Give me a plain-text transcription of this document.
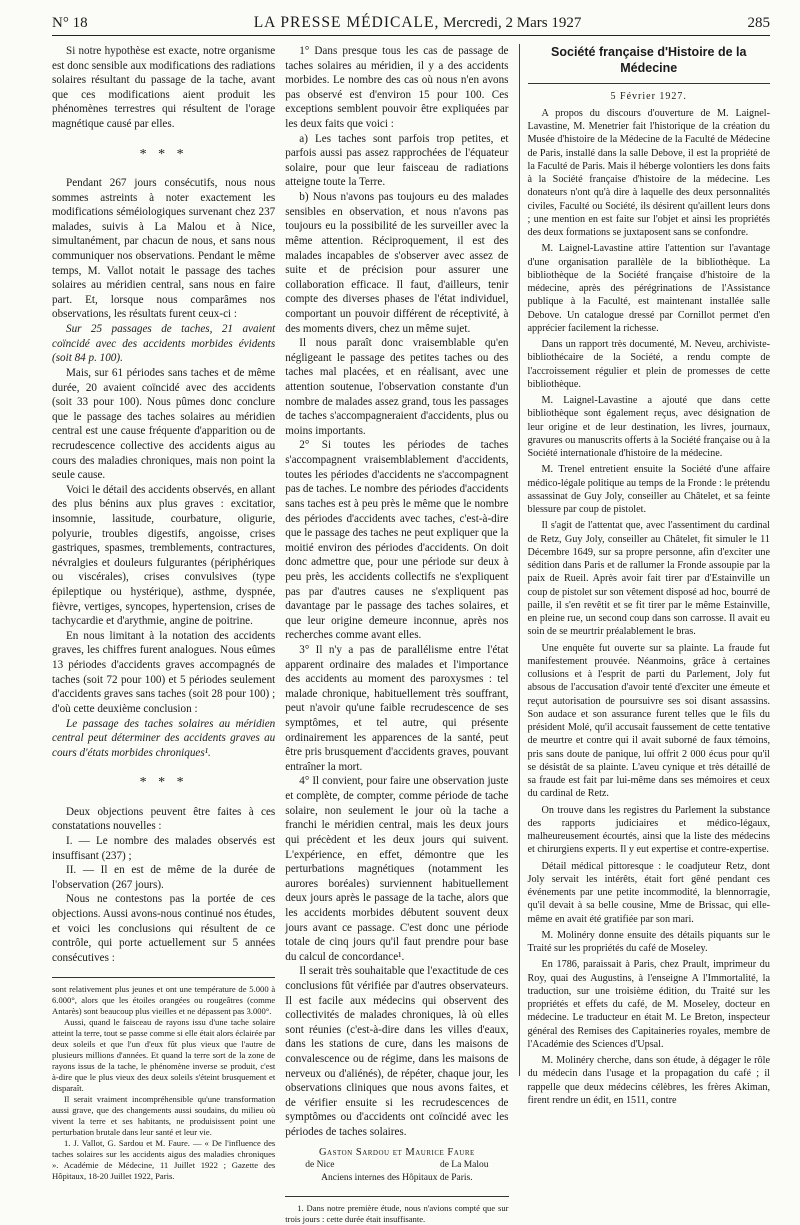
N° 18	LA PRESSE MÉDICALE, Mercredi, 2 Mars 1927	285

Si notre hypothèse est exacte, notre organisme est donc sensible aux modifications des radiations solaires résultant du passage de la tache, avant que ces modifications aient produit les phénomènes terrestres qui résultent de l'orage magnétique causé par elles.

* * *

Pendant 267 jours consécutifs, nous nous sommes astreints à noter exactement les modifications séméiologiques survenant chez 237 malades, suivis à La Malou et à Nice, simultanément, par chacun de nous, et sans nous communiquer nos observations. Pendant le même temps, M. Vallot notait le passage des taches solaires au méridien central, sans nous en faire part. Et, lorsque nous comparâmes nos observations, les résultats furent ceux-ci :

Sur 25 passages de taches, 21 avaient coïncidé avec des accidents morbides évidents (soit 84 p. 100).

Mais, sur 61 périodes sans taches et de même durée, 20 avaient coïncidé avec des accidents (soit 33 pour 100). Nous pûmes donc conclure que le passage des taches solaires au méridien central est une cause fréquente d'apparition ou de recrudescence collective des accidents aigus au cours des maladies chroniques, mais non point la seule cause.

Voici le détail des accidents observés, en allant des plus bénins aux plus graves : excitatior, insomnie, lassitude, courbature, oligurie, polyurie, troubles digestifs, angoisse, crises gastriques, spasmes, tremblements, contractures, névralgies et douleurs fulgurantes (périphériques ou viscérales), crises convulsives (type épileptique ou hystérique), asthme, dyspnée, fièvre, vertiges, syncopes, hypertension, crises de tachycardie et d'arythmie, angine de poitrine.

En nous limitant à la notation des accidents graves, les chiffres furent analogues. Nous eûmes 13 périodes d'accidents graves accompagnés de taches (soit 72 pour 100) et 5 périodes seulement d'accidents graves sans taches (soit 28 pour 100) ; d'où cette deuxième conclusion :

Le passage des taches solaires au méridien central peut déterminer des accidents graves au cours d'états morbides chroniques¹.

* * *

Deux objections peuvent être faites à ces constatations nouvelles :

I. — Le nombre des malades observés est insuffisant (237) ;

II. — Il en est de même de la durée de l'observation (267 jours).

Nous ne contestons pas la portée de ces objections. Aussi avons-nous continué nos études, et voici les conclusions qui résultent de ce contrôle, qui porte actuellement sur 5 années consécutives :

sont relativement plus jeunes et ont une température de 5.000 à 6.000°, alors que les étoiles orangées ou rougeâtres (comme Antarès) sont beaucoup plus vieilles et ne dépassent pas 3.000°.

Aussi, quand le faisceau de rayons issu d'une tache solaire atteint la terre, tout se passe comme si elle était alors éclairée par deux soleils et que l'un d'eux fût plus vieux que l'autre de plusieurs millions d'années. Et quand la terre sort de la zone de rayons issus de la tache, le phénomène inverse se produit, c'est à-dire que le plus vieux des deux soleils s'éteint brusquement et disparaît.

Il serait vraiment incompréhensible qu'une transformation aussi grave, que des changements aussi soudains, du milieu où vivent la terre et ses habitants, ne produisissent point une perturbation brutale dans leur santé et leur vie.

1. J. Vallot, G. Sardou et M. Faure. — « De l'influence des taches solaires sur les accidents aigus des maladies chroniques ». Académie de Médecine, 11 Juillet 1922 ; Gazette des Hôpitaux, 18-20 Juillet 1922, Paris.

1° Dans presque tous les cas de passage de taches solaires au méridien, il y a des accidents morbides. Le nombre des cas où nous n'en avons pas observé est d'environ 15 pour 100. Ces exceptions semblent pouvoir être expliquées par les deux faits que voici :

a) Les taches sont parfois trop petites, et parfois aussi pas assez rapprochées de l'équateur solaire, pour que leur faisceau de radiations atteigne toute la Terre.

b) Nous n'avons pas toujours eu des malades sensibles en observation, et nous n'avons pas toujours eu la possibilité de les surveiller avec la même attention. Réciproquement, il est des malades incapables de s'observer avec assez de suite et de précision pour assurer une collaboration efficace. Il faut, d'ailleurs, tenir compte des diverses phases de l'état individuel, comportant un pouvoir différent de réceptivité, à des moments divers, chez un même sujet.

Il nous paraît donc vraisemblable qu'en négligeant le passage des petites taches ou des taches mal placées, et en réalisant, avec une attention soutenue, l'observation constante d'un nombre de malades assez grand, tous les passages de taches s'accompagneraient d'accidents, plus ou moins importants.

2° Si toutes les périodes de taches s'accompagnent vraisemblablement d'accidents, toutes les périodes d'accidents ne s'accompagnent pas de taches. Le nombre des périodes d'accidents sans taches est à peu près le même que le nombre des périodes d'accidents avec taches, c'est-à-dire que le passage des taches ne peut expliquer que la moitié environ des périodes d'accidents. On doit donc admettre que, pour une période sur deux à peu près, les accidents collectifs ne s'expliquent pas par d'autres causes ne s'expliquent pas davantage par le passage des taches solaires, et que leur origine demeure inconnue, après nos recherches comme avant elles.

3° Il n'y a pas de parallélisme entre l'état apparent ordinaire des malades et l'importance des accidents au moment des paroxysmes : tel malade chronique, habituellement très souffrant, peut n'avoir qu'une faible recrudescence de ses symptômes, et tel autre, qui présente ordinairement les apparences de la santé, peut être pris brusquement d'accidents graves, pouvant entraîner la mort.

4° Il convient, pour faire une observation juste et complète, de compter, comme période de tache solaire, non seulement le jour où la tache a franchi le méridien central, mais les deux jours qui précèdent et les deux jours qui suivent. L'expérience, en effet, démontre que les perturbations magnétiques (notamment les aurores boréales) surviennent habituellement deux jours après le passage de la tache, alors que les accidents morbides débutent souvent deux jours avant ce passage. C'est donc une période totale de cinq jours qu'il faut prendre pour base du calcul de concordance¹.

Il serait très souhaitable que l'exactitude de ces conclusions fût vérifiée par d'autres observateurs. Il est facile aux médecins qui observent des collectivités de malades chroniques, là où elles sont réunies (c'est-à-dire dans les villes d'eaux, dans les stations de cure, dans les maisons de convalescence ou de régime, dans les maisons de nerveux ou d'aliénés), de répéter, chaque jour, les observations cliniques que nous avons faites, et de vérifier ensuite si les recrudescences de symptômes ou d'accidents ont coïncidé avec les périodes de taches solaires.

Gaston Sardou et Maurice Faure
de Nice	de La Malou
Anciens internes des Hôpitaux de Paris.

1. Dans notre première étude, nous n'avions compté que sur trois jours : cette durée était insuffisante.

Société française d'Histoire de la Médecine
5 Février 1927.

A propos du discours d'ouverture de M. Laignel-Lavastine, M. Menetrier fait l'historique de la création du Musée d'histoire de la Médecine de la Faculté de Médecine de Paris, installé dans la salle Debove, il est la propriété de la Faculté de Paris. Mais il héberge volontiers les dons faits à la Société française d'histoire de la médecine. Les donateurs n'ont qu'à dire à laquelle des deux personnalités civiles, Faculté ou Société, ils désirent qu'aillent leurs dons ; une mention en est faite sur l'objet et ainsi les propriétés des deux formations se juxtaposent sans se confondre.

M. Laignel-Lavastine attire l'attention sur l'avantage d'une organisation parallèle de la bibliothèque. La bibliothèque de la Société française d'histoire de la médecine, après des pérégrinations de l'Assistance publique à la Faculté, est maintenant installée salle Debove. Un catalogue dressé par Cornillot permet d'en apprécier facilement la richesse.

Dans un rapport très documenté, M. Neveu, archiviste-bibliothécaire de la Société, a rendu compte de l'accroissement régulier et plein de promesses de cette bibliothèque.

M. Laignel-Lavastine a ajouté que dans cette bibliothèque sont également reçus, avec désignation de leur origine et de leur destination, les livres, journaux, gravures ou manuscrits offerts à la Société française ou à la Société internationale d'histoire de la médecine.

M. Trenel entretient ensuite la Société d'une affaire médico-légale politique au temps de la Fronde : le prétendu assassinat de Guy Joly, conseiller au Châtelet, et sa feinte blessure par coup de pistolet.

Il s'agit de l'attentat que, avec l'assentiment du cardinal de Retz, Guy Joly, conseiller au Châtelet, fit simuler le 11 Décembre 1649, sur sa propre personne, afin d'exciter une sédition dans Paris et de rallumer la Fronde assoupie par la paix de Rueil. Après avoir fait tirer par d'Estainville un coup de pistolet sur son vêtement disposé ad hoc, bourré de paille, il s'en revêtit et se fit tirer par le même Estainville, en pleine rue, un second coup dans son carrosse. Il avait eu soin de se meurtrir préalablement le bras.

Une enquête fut ouverte sur sa plainte. La fraude fut manifestement prouvée. Néanmoins, grâce à certaines collusions et à l'esprit de parti du Parlement, Joly fut absous de l'accusation d'avoir tenté d'exciter une émeute et reçut autorisation de poursuivre ses soi disant assassins. Son audace et son assurance furent telles que le fils du président Molé, qu'il accusait faussement de cette tentative de meurtre et contre qui il avait suborné de faux témoins, pris sans doute de panique, lui offrit 2 000 écus pour qu'il se désistât de sa plainte. L'aveu cynique et très détaillé de sa fraude est fait par lui-même dans ses mémoires et ceux du cardinal de Retz.

On trouve dans les registres du Parlement la substance des rapports judiciaires et médico-légaux, malheureusement écourtés, ainsi que la liste des médecins et chirurgiens experts. Il y eut expertise et contre-expertise.

Détail médical pittoresque : le coadjuteur Retz, dont Joly servait les intérêts, était fort gêné pendant ces événements par une petite incommodité, la blennorragie, qu'il devait à sa belle cousine, Mme de Brissac, qui elle-même en avait été gratifiée par son mari.

M. Molinéry donne ensuite des détails piquants sur le Traité sur les propriétés du café de Moseley.

En 1786, paraissait à Paris, chez Prault, imprimeur du Roy, quai des Augustins, à l'enseigne A l'Immortalité, la traduction, sur une troisième édition, du Traité sur les propriétés et effets du café, de M. Moseley, docteur en médecine. Le traducteur en était M. Le Breton, inspecteur général des Remises des Capitaineries royales, membre de l'Académie des Sciences d'Upsal.

M. Molinéry cherche, dans son étude, à dégager le rôle du médecin dans l'usage et la propagation du café ; il rappelle que deux médecins célèbres, les frères Akiman, firent rendre un édit, en 1511, contre
